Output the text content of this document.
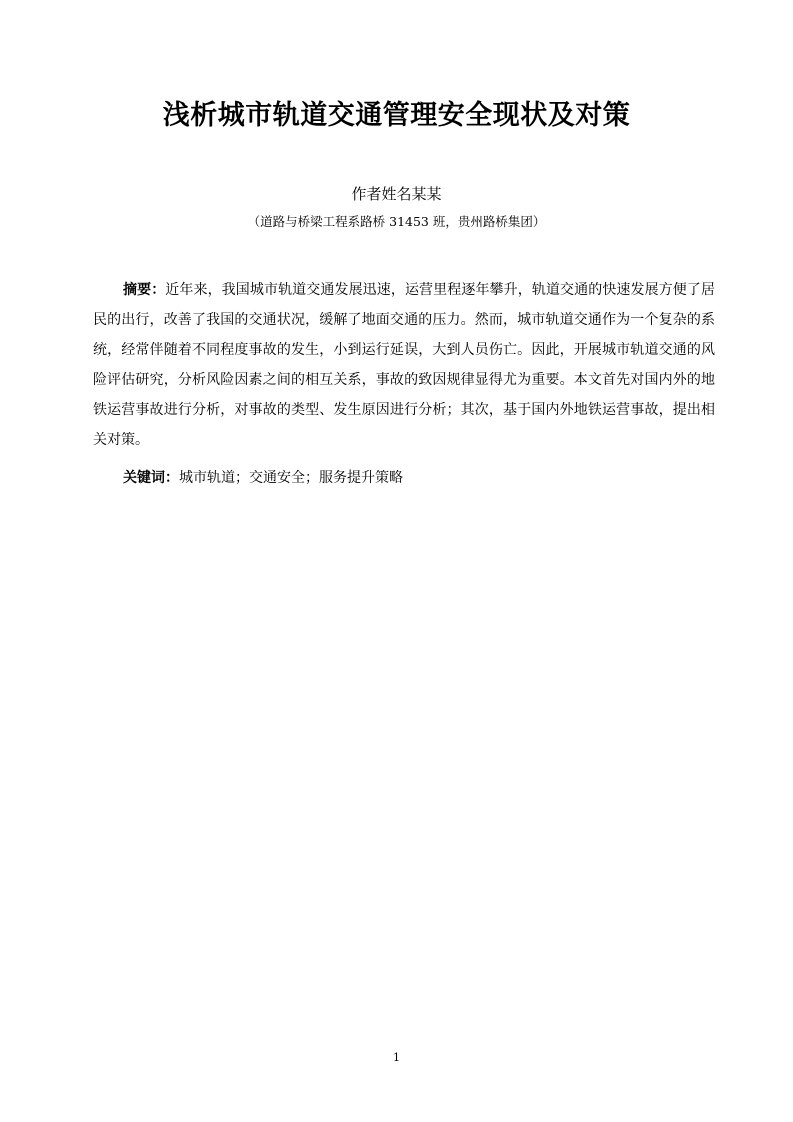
浅析城市轨道交通管理安全现状及对策
作者姓名某某
（道路与桥梁工程系路桥 31453 班，贵州路桥集团）

摘要：近年来，我国城市轨道交通发展迅速，运营里程逐年攀升，轨道交通的快速发展方便了居民的出行，改善了我国的交通状况，缓解了地面交通的压力。然而，城市轨道交通作为一个复杂的系统，经常伴随着不同程度事故的发生，小到运行延误，大到人员伤亡。因此，开展城市轨道交通的风险评估研究，分析风险因素之间的相互关系，事故的致因规律显得尤为重要。本文首先对国内外的地铁运营事故进行分析，对事故的类型、发生原因进行分析；其次，基于国内外地铁运营事故，提出相关对策。

关键词：城市轨道；交通安全；服务提升策略

1
